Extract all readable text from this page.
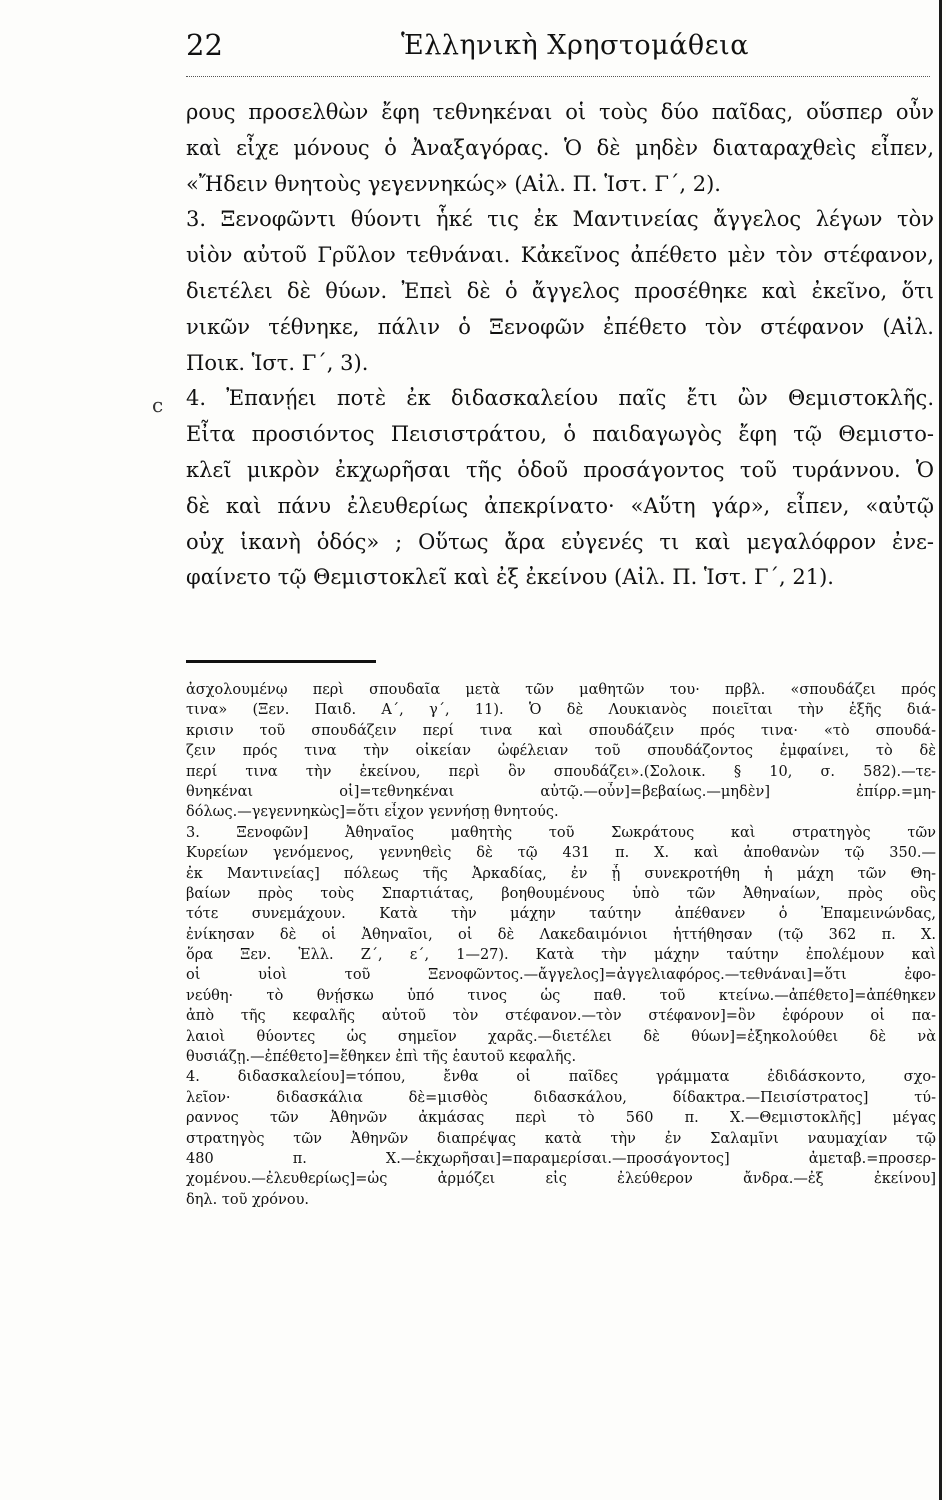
22	Ἑλληνικὴ Χρηστομάθεια
c
ρους προσελθὼν ἔφη τεθνηκέναι οἱ τοὺς δύο παῖδας, οὕσπερ οὖν
καὶ εἶχε μόνους ὁ Ἀναξαγόρας. Ὁ δὲ μηδὲν διαταραχθεὶς εἶπεν,
«Ἤδειν θνητοὺς γεγεννηκώς» (Αἰλ. Π. Ἱστ. Γ΄, 2).
3. Ξενοφῶντι θύοντι ἧκέ τις ἐκ Μαντινείας ἄγγελος λέγων τὸν
υἱὸν αὐτοῦ Γρῦλον τεθνάναι. Κἀκεῖνος ἀπέθετο μὲν τὸν στέφανον,
διετέλει δὲ θύων. Ἐπεὶ δὲ ὁ ἄγγελος προσέθηκε καὶ ἐκεῖνο, ὅτι
νικῶν τέθνηκε, πάλιν ὁ Ξενοφῶν ἐπέθετο τὸν στέφανον (Αἰλ.
Ποικ. Ἱστ. Γ΄, 3).
4. Ἐπανῄει ποτὲ ἐκ διδασκαλείου παῖς ἔτι ὢν Θεμιστοκλῆς.
Εἶτα προσιόντος Πεισιστράτου, ὁ παιδαγωγὸς ἔφη τῷ Θεμιστο-
κλεῖ μικρὸν ἐκχωρῆσαι τῆς ὁδοῦ προσάγοντος τοῦ τυράννου. Ὁ
δὲ καὶ πάνυ ἐλευθερίως ἀπεκρίνατο· «Αὕτη γάρ», εἶπεν, «αὐτῷ
οὐχ ἱκανὴ ὁδός» ; Οὕτως ἄρα εὐγενές τι καὶ μεγαλόφρον ἐνε-
φαίνετο τῷ Θεμιστοκλεῖ καὶ ἐξ ἐκείνου (Αἰλ. Π. Ἱστ. Γ΄, 21).
ἀσχολουμένῳ περὶ σπουδαῖα μετὰ τῶν μαθητῶν του· πρβλ. «σπουδάζει πρός
τινα» (Ξεν. Παιδ. Α΄, γ΄, 11). Ὁ δὲ Λουκιανὸς ποιεῖται τὴν ἑξῆς διά-
κρισιν τοῦ σπουδάζειν περί τινα καὶ σπουδάζειν πρός τινα· «τὸ σπουδά-
ζειν πρός τινα τὴν οἰκείαν ὠφέλειαν τοῦ σπουδάζοντος ἐμφαίνει, τὸ δὲ
περί τινα τὴν ἐκείνου, περὶ ὃν σπουδάζει».(Σολοικ. § 10, σ. 582).—τε-
θνηκέναι οἱ]=τεθνηκέναι αὐτῷ.—οὖν]=βεβαίως.—μηδὲν] ἐπίρρ.=μη-
δόλως.—γεγεννηκὼς]=ὅτι εἶχον γεννήσῃ θνητούς.
3. Ξενοφῶν] Ἀθηναῖος μαθητὴς τοῦ Σωκράτους καὶ στρατηγὸς τῶν
Κυρείων γενόμενος, γεννηθεὶς δὲ τῷ 431 π. Χ. καὶ ἀποθανὼν τῷ 350.—
ἐκ Μαντινείας] πόλεως τῆς Ἀρκαδίας, ἐν ᾗ συνεκροτήθη ἡ μάχη τῶν Θη-
βαίων πρὸς τοὺς Σπαρτιάτας, βοηθουμένους ὑπὸ τῶν Ἀθηναίων, πρὸς οὓς
τότε συνεμάχουν. Κατὰ τὴν μάχην ταύτην ἀπέθανεν ὁ Ἐπαμεινώνδας,
ἐνίκησαν δὲ οἱ Ἀθηναῖοι, οἱ δὲ Λακεδαιμόνιοι ἡττήθησαν (τῷ 362 π. Χ.
ὅρα Ξεν. Ἑλλ. Ζ΄, ε΄, 1—27). Κατὰ τὴν μάχην ταύτην ἐπολέμουν καὶ
οἱ υἱοὶ τοῦ Ξενοφῶντος.—ἄγγελος]=ἀγγελιαφόρος.—τεθνάναι]=ὅτι ἐφο-
νεύθη· τὸ θνῄσκω ὑπό τινος ὡς παθ. τοῦ κτείνω.—ἀπέθετο]=ἀπέθηκεν
ἀπὸ τῆς κεφαλῆς αὐτοῦ τὸν στέφανον.—τὸν στέφανον]=ὃν ἐφόρουν οἱ πα-
λαιοὶ θύοντες ὡς σημεῖον χαρᾶς.—διετέλει δὲ θύων]=ἐξηκολούθει δὲ νὰ
θυσιάζῃ.—ἐπέθετο]=ἔθηκεν ἐπὶ τῆς ἑαυτοῦ κεφαλῆς.
4. διδασκαλείου]=τόπου, ἔνθα οἱ παῖδες γράμματα ἐδιδάσκοντο, σχο-
λεῖον· διδασκάλια δὲ=μισθὸς διδασκάλου, δίδακτρα.—Πεισίστρατος] τύ-
ραννος τῶν Ἀθηνῶν ἀκμάσας περὶ τὸ 560 π. Χ.—Θεμιστοκλῆς] μέγας
στρατηγὸς τῶν Ἀθηνῶν διαπρέψας κατὰ τὴν ἐν Σαλαμῖνι ναυμαχίαν τῷ
480 π. Χ.—ἐκχωρῆσαι]=παραμερίσαι.—προσάγοντος] ἀμεταβ.=προσερ-
χομένου.—ἐλευθερίως]=ὡς ἁρμόζει εἰς ἐλεύθερον ἄνδρα.—ἐξ ἐκείνου]
δηλ. τοῦ χρόνου.
